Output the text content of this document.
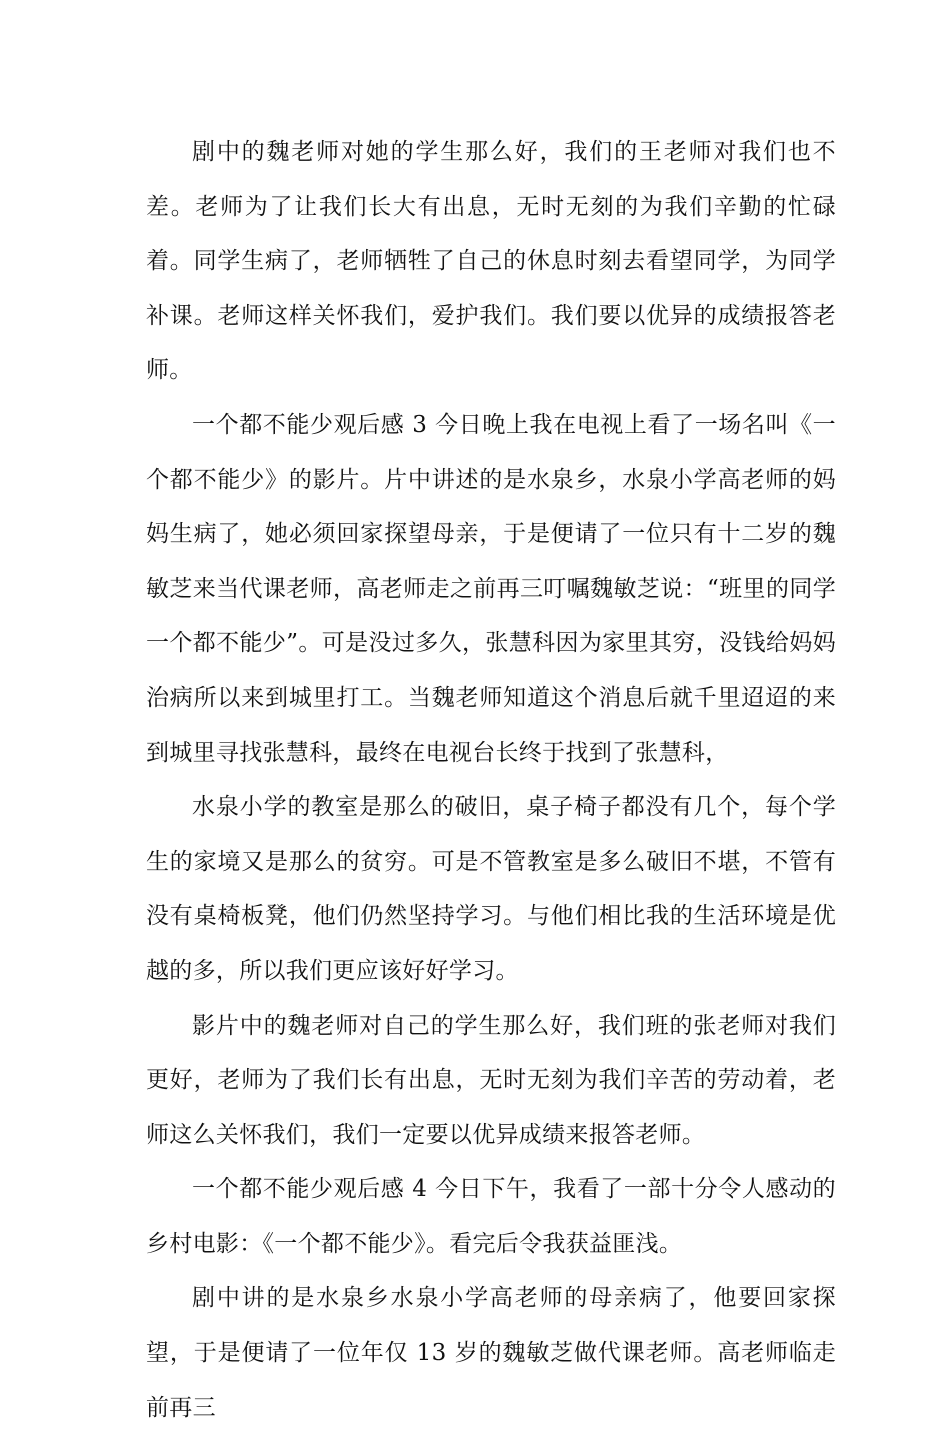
剧中的魏老师对她的学生那么好，我们的王老师对我们也不差。老师为了让我们长大有出息，无时无刻的为我们辛勤的忙碌着。同学生病了，老师牺牲了自己的休息时刻去看望同学，为同学补课。老师这样关怀我们，爱护我们。我们要以优异的成绩报答老师。

一个都不能少观后感 3 今日晚上我在电视上看了一场名叫《一个都不能少》的影片。片中讲述的是水泉乡，水泉小学高老师的妈妈生病了，她必须回家探望母亲，于是便请了一位只有十二岁的魏敏芝来当代课老师，高老师走之前再三叮嘱魏敏芝说：“班里的同学一个都不能少”。可是没过多久，张慧科因为家里其穷，没钱给妈妈治病所以来到城里打工。当魏老师知道这个消息后就千里迢迢的来到城里寻找张慧科，最终在电视台长终于找到了张慧科，

水泉小学的教室是那么的破旧，桌子椅子都没有几个，每个学生的家境又是那么的贫穷。可是不管教室是多么破旧不堪，不管有没有桌椅板凳，他们仍然坚持学习。与他们相比我的生活环境是优越的多，所以我们更应该好好学习。

影片中的魏老师对自己的学生那么好，我们班的张老师对我们更好，老师为了我们长有出息，无时无刻为我们辛苦的劳动着，老师这么关怀我们，我们一定要以优异成绩来报答老师。

一个都不能少观后感 4 今日下午，我看了一部十分令人感动的乡村电影：《一个都不能少》。看完后令我获益匪浅。

剧中讲的是水泉乡水泉小学高老师的母亲病了，他要回家探望，于是便请了一位年仅 13 岁的魏敏芝做代课老师。高老师临走前再三
